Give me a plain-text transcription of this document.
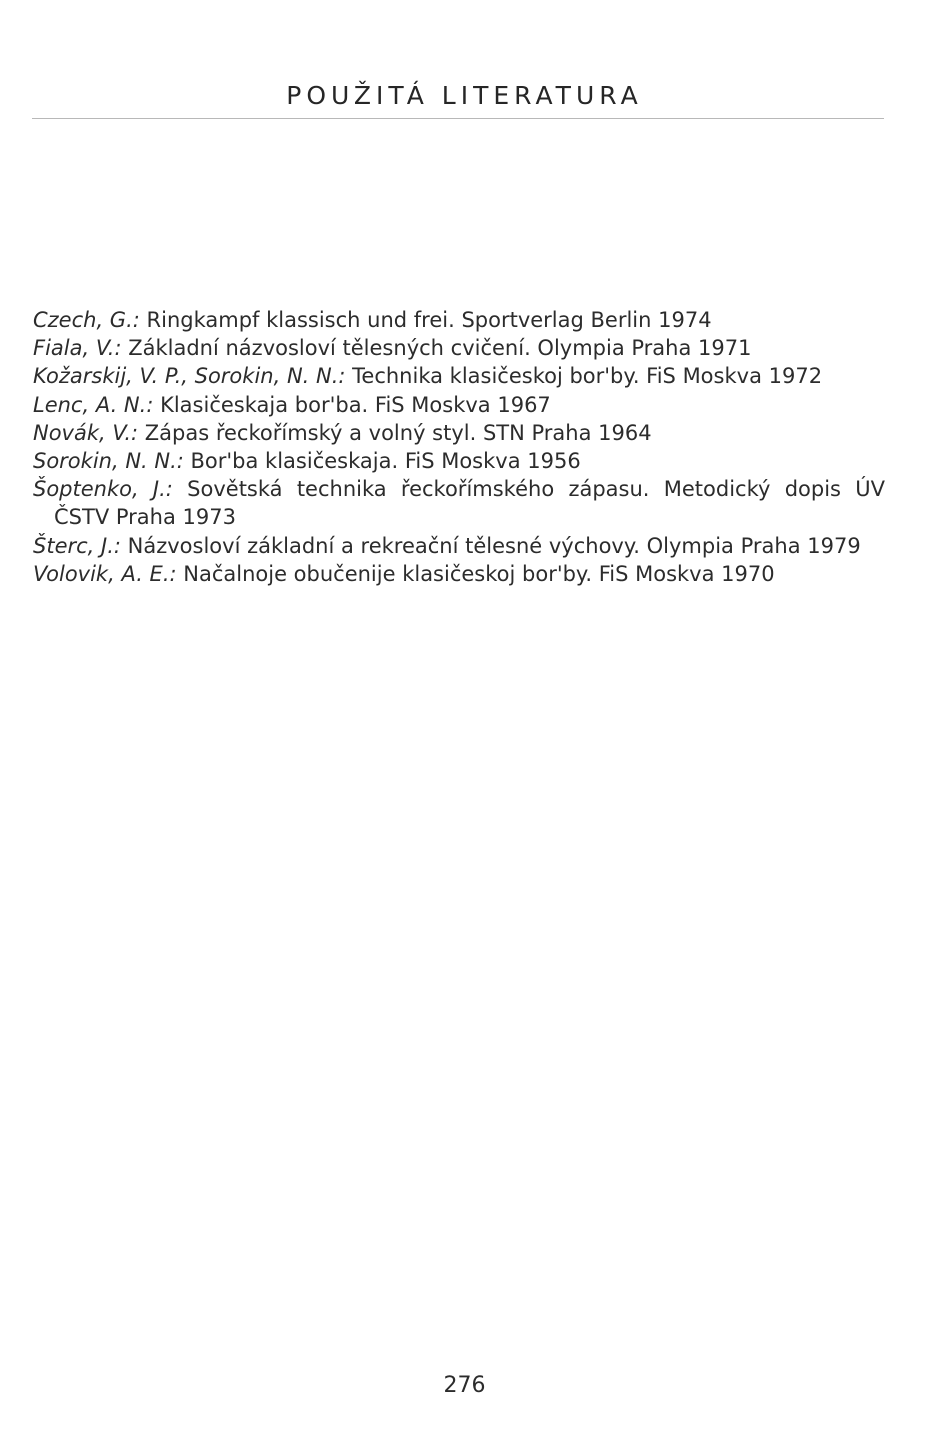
POUŽITÁ LITERATURA
Czech, G.: Ringkampf klassisch und frei. Sportverlag Berlin 1974
Fiala, V.: Základní názvosloví tělesných cvičení. Olympia Praha 1971
Kožarskij, V. P., Sorokin, N. N.: Technika klasičeskoj bor'by. FiS Moskva 1972
Lenc, A. N.: Klasičeskaja bor'ba. FiS Moskva 1967
Novák, V.: Zápas řeckořímský a volný styl. STN Praha 1964
Sorokin, N. N.: Bor'ba klasičeskaja. FiS Moskva 1956
Šoptenko, J.: Sovětská technika řeckořímského zápasu. Metodický dopis ÚV ČSTV Praha 1973
Šterc, J.: Názvosloví základní a rekreační tělesné výchovy. Olympia Praha 1979
Volovik, A. E.: Načalnoje obučenije klasičeskoj bor'by. FiS Moskva 1970
276
